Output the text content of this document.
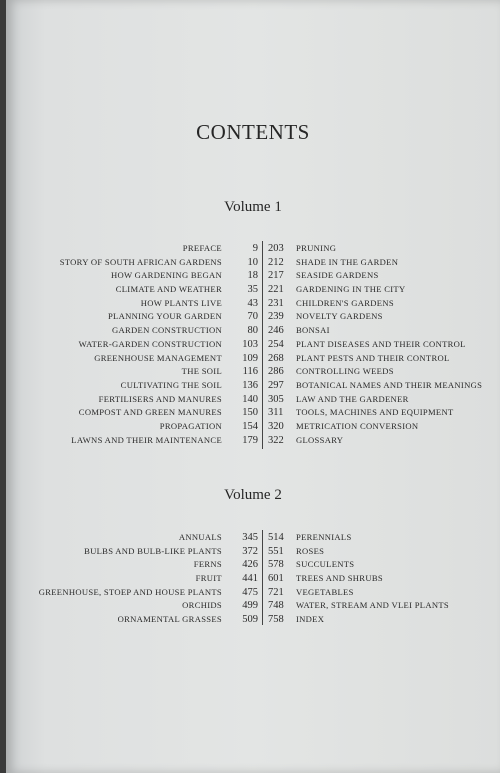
CONTENTS
Volume 1
PREFACE
STORY OF SOUTH AFRICAN GARDENS
HOW GARDENING BEGAN
CLIMATE AND WEATHER
HOW PLANTS LIVE
PLANNING YOUR GARDEN
GARDEN CONSTRUCTION
WATER-GARDEN CONSTRUCTION
GREENHOUSE MANAGEMENT
THE SOIL
CULTIVATING THE SOIL
FERTILISERS AND MANURES
COMPOST AND GREEN MANURES
PROPAGATION
LAWNS AND THEIR MAINTENANCE
9
10
18
35
43
70
80
103
109
116
136
140
150
154
179
203
212
217
221
231
239
246
254
268
286
297
305
311
320
322
PRUNING
SHADE IN THE GARDEN
SEASIDE GARDENS
GARDENING IN THE CITY
CHILDREN'S GARDENS
NOVELTY GARDENS
BONSAI
PLANT DISEASES AND THEIR CONTROL
PLANT PESTS AND THEIR CONTROL
CONTROLLING WEEDS
BOTANICAL NAMES AND THEIR MEANINGS
LAW AND THE GARDENER
TOOLS, MACHINES AND EQUIPMENT
METRICATION CONVERSION
GLOSSARY
Volume 2
ANNUALS
BULBS AND BULB-LIKE PLANTS
FERNS
FRUIT
GREENHOUSE, STOEP AND HOUSE PLANTS
ORCHIDS
ORNAMENTAL GRASSES
345
372
426
441
475
499
509
514
551
578
601
721
748
758
PERENNIALS
ROSES
SUCCULENTS
TREES AND SHRUBS
VEGETABLES
WATER, STREAM AND VLEI PLANTS
INDEX
